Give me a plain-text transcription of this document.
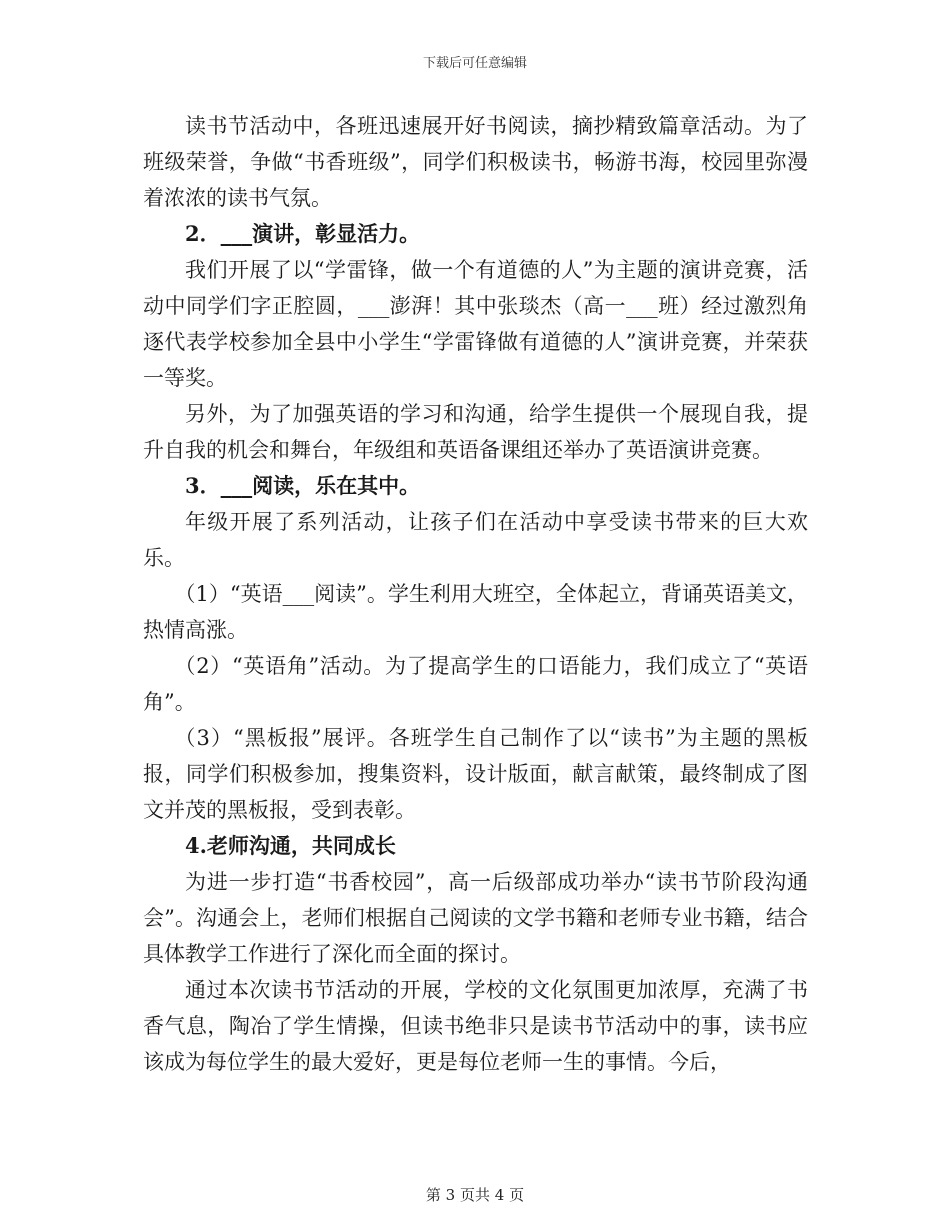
下载后可任意编辑

读书节活动中，各班迅速展开好书阅读，摘抄精致篇章活动。为了班级荣誉，争做“书香班级”，同学们积极读书，畅游书海，校园里弥漫着浓浓的读书气氛。

2．___演讲，彰显活力。

我们开展了以“学雷锋，做一个有道德的人”为主题的演讲竞赛，活动中同学们字正腔圆，___澎湃！其中张琰杰（高一___班）经过激烈角逐代表学校参加全县中小学生“学雷锋做有道德的人”演讲竞赛，并荣获一等奖。

另外，为了加强英语的学习和沟通，给学生提供一个展现自我，提升自我的机会和舞台，年级组和英语备课组还举办了英语演讲竞赛。

3．___阅读，乐在其中。

年级开展了系列活动，让孩子们在活动中享受读书带来的巨大欢乐。

（1）“英语___阅读”。学生利用大班空，全体起立，背诵英语美文，热情高涨。

（2）“英语角”活动。为了提高学生的口语能力，我们成立了“英语角”。

（3）“黑板报”展评。各班学生自己制作了以“读书”为主题的黑板报，同学们积极参加，搜集资料，设计版面，献言献策，最终制成了图文并茂的黑板报，受到表彰。

4.老师沟通，共同成长

为进一步打造“书香校园”，高一后级部成功举办“读书节阶段沟通会”。沟通会上，老师们根据自己阅读的文学书籍和老师专业书籍，结合具体教学工作进行了深化而全面的探讨。

通过本次读书节活动的开展，学校的文化氛围更加浓厚，充满了书香气息，陶冶了学生情操，但读书绝非只是读书节活动中的事，读书应该成为每位学生的最大爱好，更是每位老师一生的事情。今后，

第 3 页共 4 页
